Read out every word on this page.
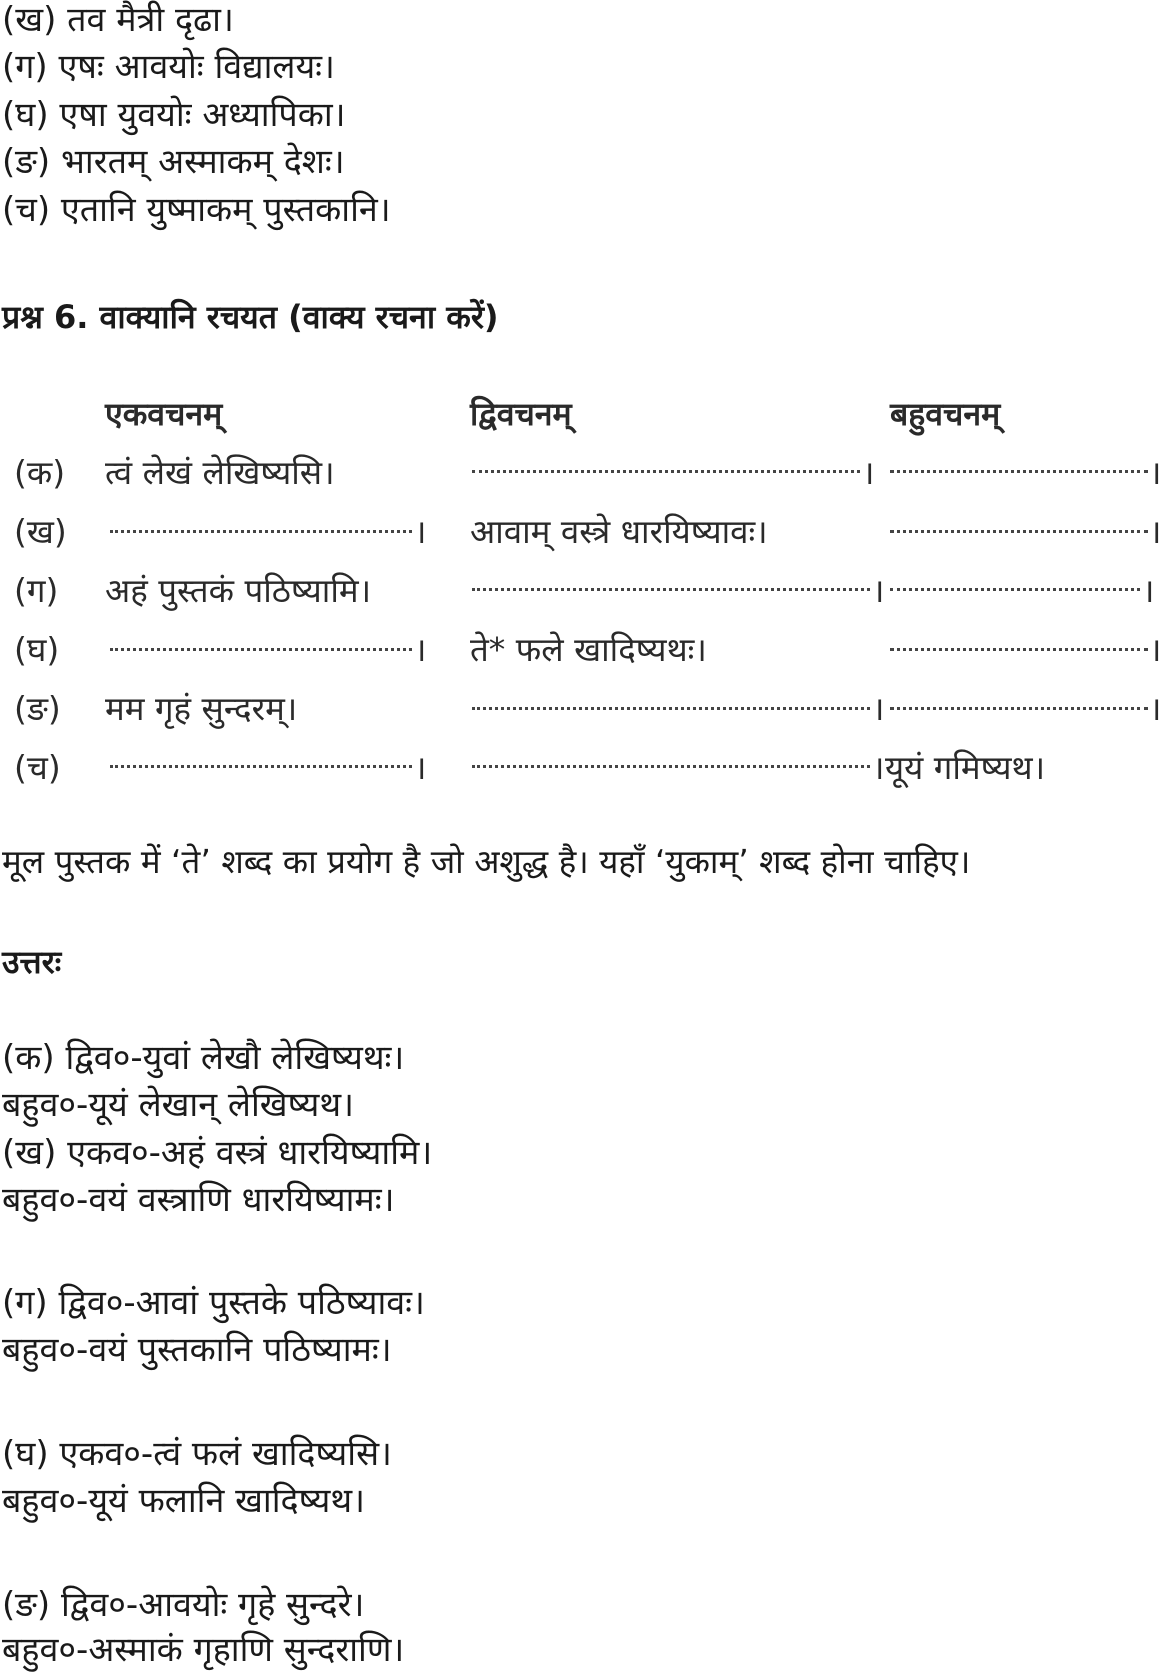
(ख) तव मैत्री दृढा।
(ग) एषः आवयोः विद्यालयः।
(घ) एषा युवयोः अध्यापिका।
(ङ) भारतम् अस्माकम् देशः।
(च) एतानि युष्माकम् पुस्तकानि।
प्रश्न 6. वाक्यानि रचयत (वाक्य रचना करें)
एकवचनम्	द्विवचनम्	बहुवचनम्
(क) त्वं लेखं लेखिष्यसि।	।	।
(ख)	। आवाम् वस्त्रे धारयिष्यावः।	।
(ग) अहं पुस्तकं पठिष्यामि।	।	।
(घ)	। ते* फले खादिष्यथः।	।
(ङ) मम गृहं सुन्दरम्।	।	।
(च)	।	। यूयं गमिष्यथ।
मूल पुस्तक में ‘ते’ शब्द का प्रयोग है जो अशुद्ध है। यहाँ ‘युकाम्’ शब्द होना चाहिए।
उत्तरः
(क) द्विव०-युवां लेखौ लेखिष्यथः।
बहुव०-यूयं लेखान् लेखिष्यथ।
(ख) एकव०-अहं वस्त्रं धारयिष्यामि।
बहुव०-वयं वस्त्राणि धारयिष्यामः।
(ग) द्विव०-आवां पुस्तके पठिष्यावः।
बहुव०-वयं पुस्तकानि पठिष्यामः।
(घ) एकव०-त्वं फलं खादिष्यसि।
बहुव०-यूयं फलानि खादिष्यथ।
(ङ) द्विव०-आवयोः गृहे सुन्दरे।
बहुव०-अस्माकं गृहाणि सुन्दराणि।
